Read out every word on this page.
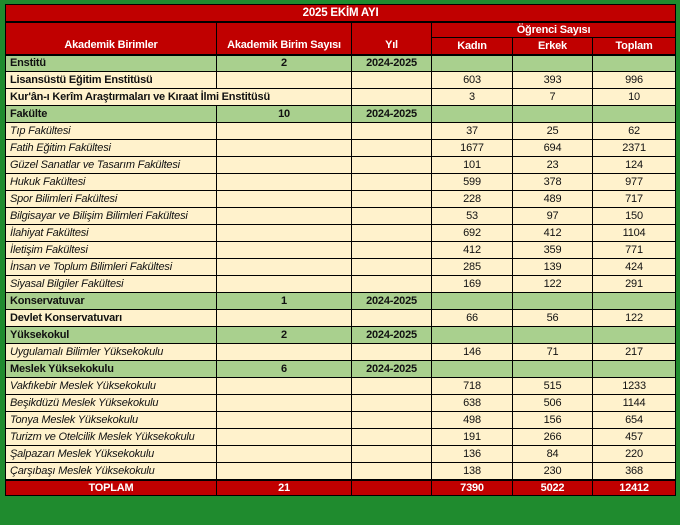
2025 EKİM AYI					
Akademik Birimler	Akademik Birim Sayısı	Yıl	Öğrenci Sayısı		
			Kadın	Erkek	Toplam
Enstitü	2	2024-2025			
Lisansüstü Eğitim Enstitüsü			603	393	996
Kur'ân-ı Kerîm Araştırmaları ve Kıraat İlmi Enstitüsü			3	7	10
Fakülte	10	2024-2025			
Tıp Fakültesi			37	25	62
Fatih Eğitim Fakültesi			1677	694	2371
Güzel Sanatlar ve Tasarım Fakültesi			101	23	124
Hukuk Fakültesi			599	378	977
Spor Bilimleri Fakültesi			228	489	717
Bilgisayar ve Bilişim Bilimleri Fakültesi			53	97	150
İlahiyat Fakültesi			692	412	1104
İletişim Fakültesi			412	359	771
İnsan ve Toplum Bilimleri Fakültesi			285	139	424
Siyasal Bilgiler Fakültesi			169	122	291
Konservatuvar	1	2024-2025			
Devlet Konservatuvarı			66	56	122
Yüksekokul	2	2024-2025			
Uygulamalı Bilimler Yüksekokulu			146	71	217
Meslek Yüksekokulu	6	2024-2025			
Vakfıkebir Meslek Yüksekokulu			718	515	1233
Beşikdüzü Meslek Yüksekokulu			638	506	1144
Tonya Meslek Yüksekokulu			498	156	654
Turizm ve Otelcilik Meslek Yüksekokulu			191	266	457
Şalpazarı Meslek Yüksekokulu			136	84	220
Çarşıbaşı Meslek Yüksekokulu			138	230	368
TOPLAM	21		7390	5022	12412
